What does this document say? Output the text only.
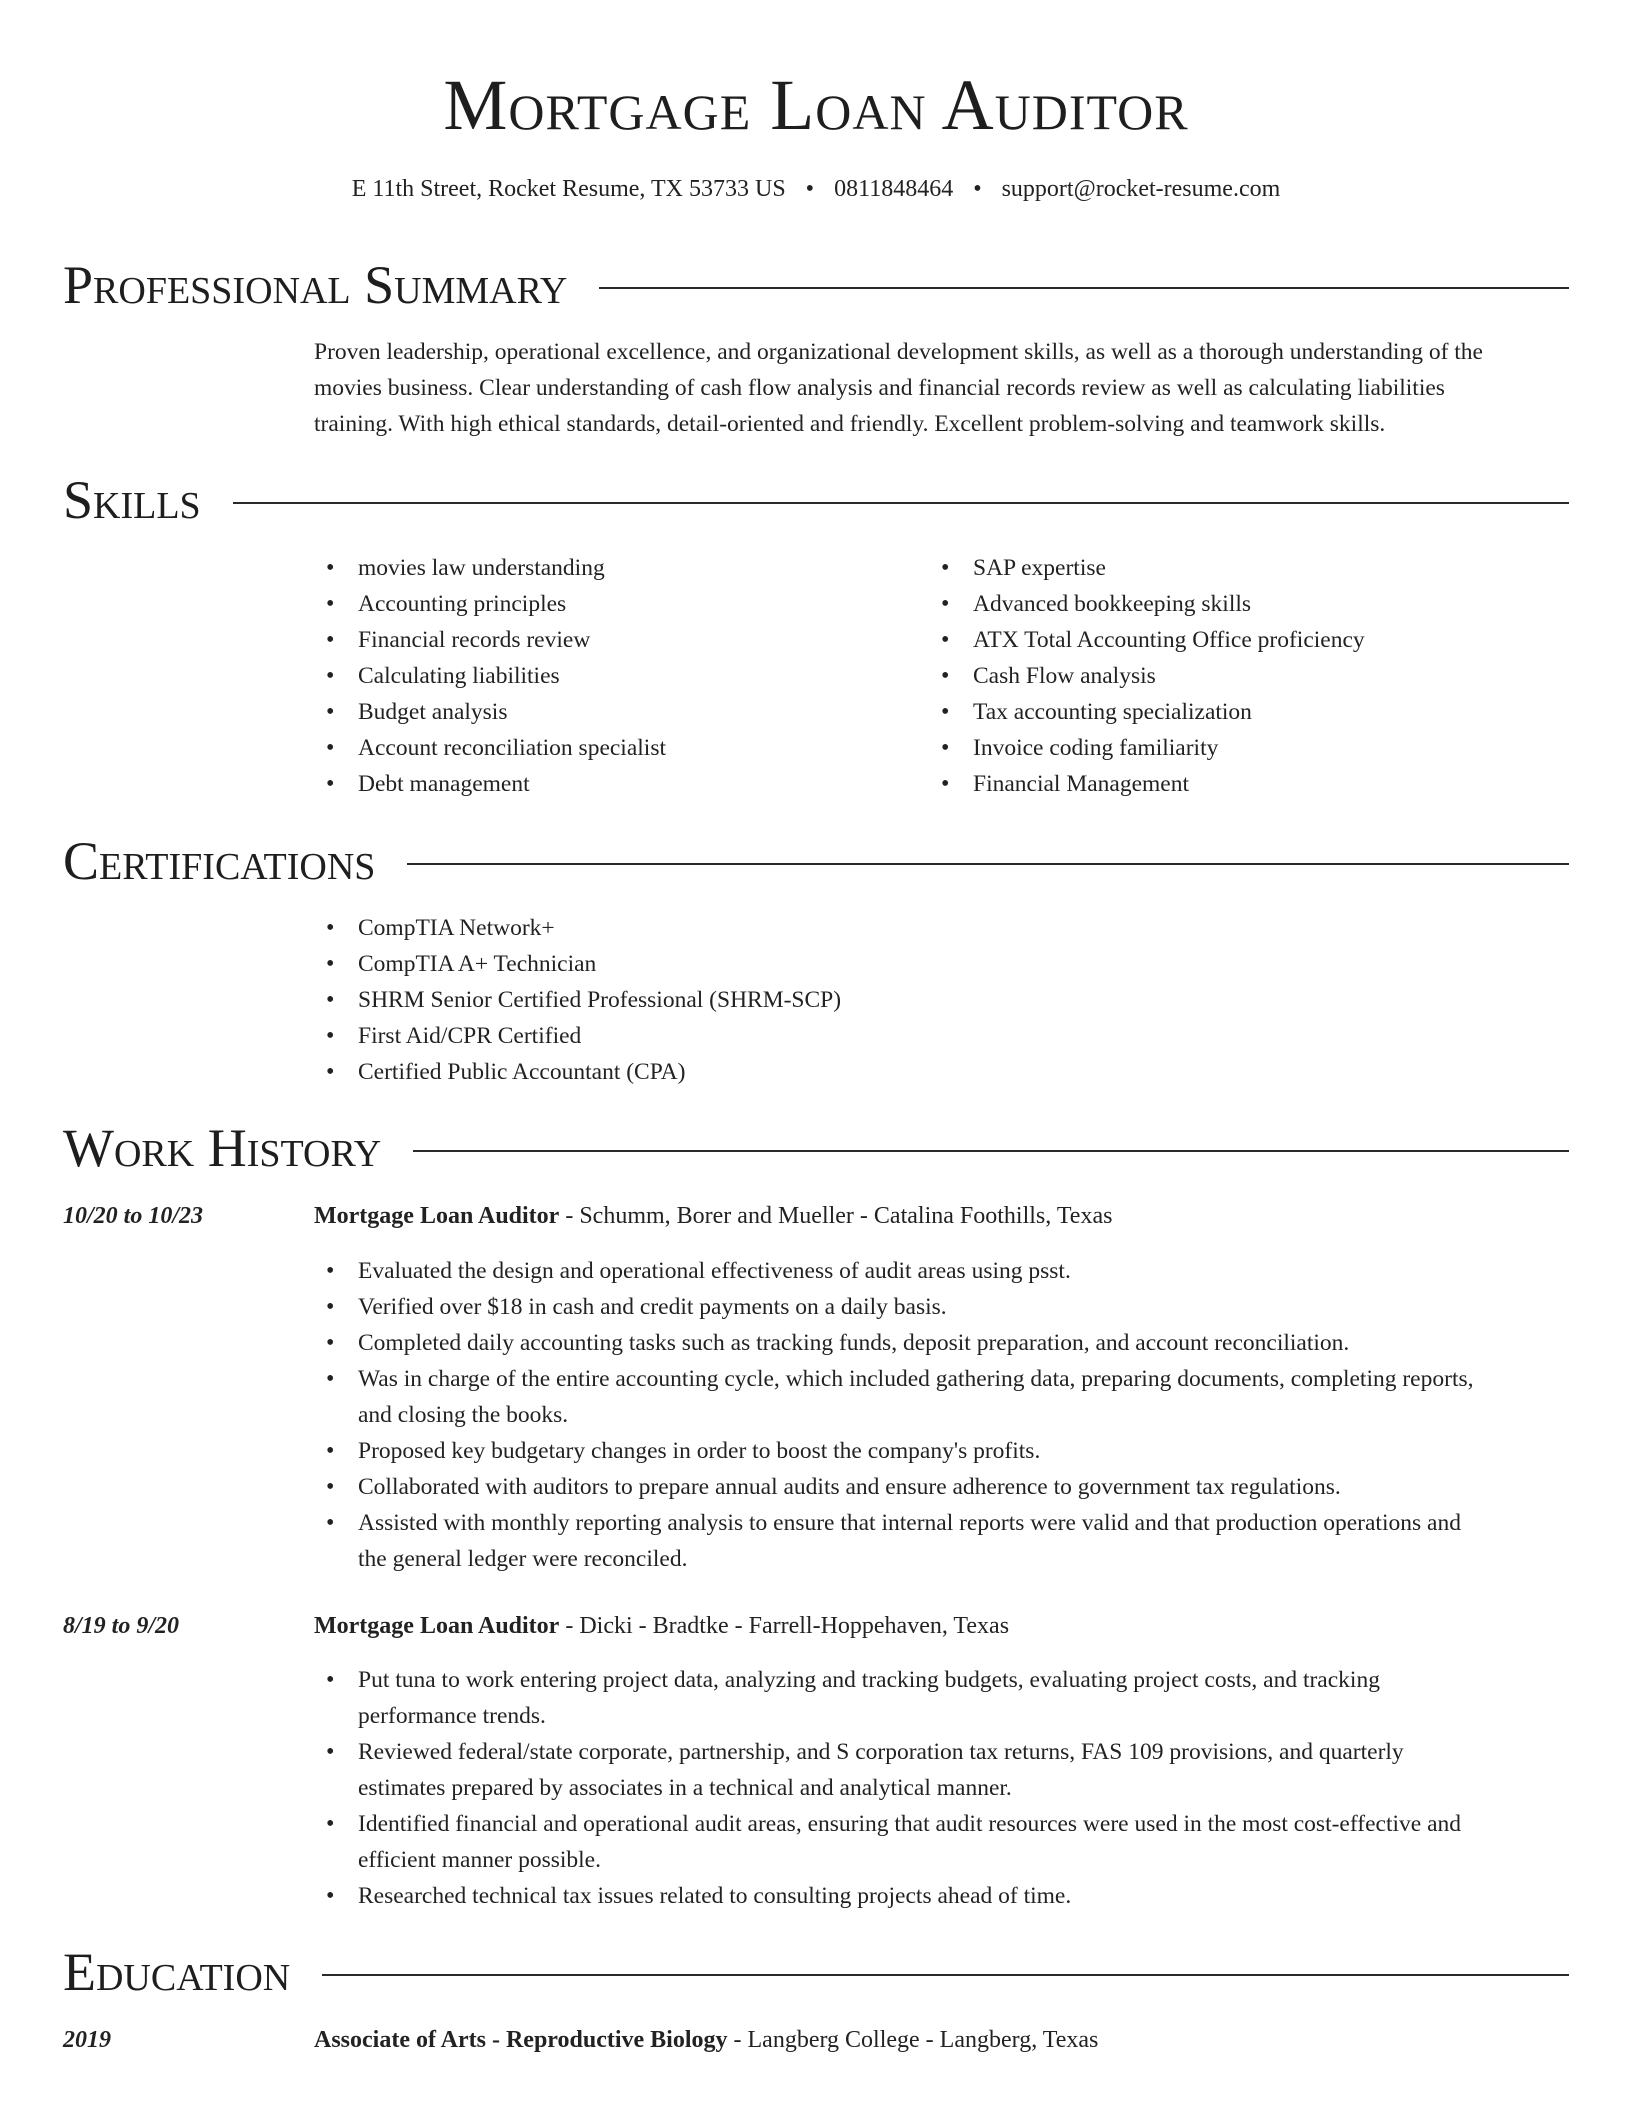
Mortgage Loan Auditor
E 11th Street, Rocket Resume, TX 53733 US • 0811848464 • support@rocket-resume.com
Professional Summary
Proven leadership, operational excellence, and organizational development skills, as well as a thorough understanding of the
movies business. Clear understanding of cash flow analysis and financial records review as well as calculating liabilities
training. With high ethical standards, detail-oriented and friendly. Excellent problem-solving and teamwork skills.
Skills
• movies law understanding
• Accounting principles
• Financial records review
• Calculating liabilities
• Budget analysis
• Account reconciliation specialist
• Debt management
• SAP expertise
• Advanced bookkeeping skills
• ATX Total Accounting Office proficiency
• Cash Flow analysis
• Tax accounting specialization
• Invoice coding familiarity
• Financial Management
Certifications
• CompTIA Network+
• CompTIA A+ Technician
• SHRM Senior Certified Professional (SHRM-SCP)
• First Aid/CPR Certified
• Certified Public Accountant (CPA)
Work History
10/20 to 10/23	Mortgage Loan Auditor - Schumm, Borer and Mueller - Catalina Foothills, Texas
• Evaluated the design and operational effectiveness of audit areas using psst.
• Verified over $18 in cash and credit payments on a daily basis.
• Completed daily accounting tasks such as tracking funds, deposit preparation, and account reconciliation.
• Was in charge of the entire accounting cycle, which included gathering data, preparing documents, completing reports,
and closing the books.
• Proposed key budgetary changes in order to boost the company's profits.
• Collaborated with auditors to prepare annual audits and ensure adherence to government tax regulations.
• Assisted with monthly reporting analysis to ensure that internal reports were valid and that production operations and
the general ledger were reconciled.
8/19 to 9/20	Mortgage Loan Auditor - Dicki - Bradtke - Farrell-Hoppehaven, Texas
• Put tuna to work entering project data, analyzing and tracking budgets, evaluating project costs, and tracking
performance trends.
• Reviewed federal/state corporate, partnership, and S corporation tax returns, FAS 109 provisions, and quarterly
estimates prepared by associates in a technical and analytical manner.
• Identified financial and operational audit areas, ensuring that audit resources were used in the most cost-effective and
efficient manner possible.
• Researched technical tax issues related to consulting projects ahead of time.
Education
2019	Associate of Arts - Reproductive Biology - Langberg College - Langberg, Texas
